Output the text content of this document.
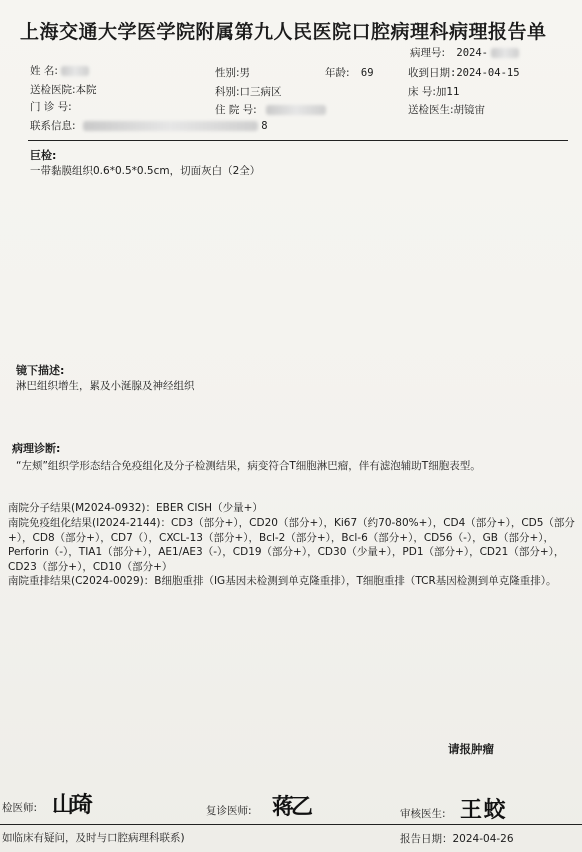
上海交通大学医学院附属第九人民医院口腔病理科病理报告单
病理号: 2024-
姓 名:	性别:男	年龄: 69	收到日期:2024-04-15
送检医院:本院	科别:口三病区	床 号:加11
门 诊 号:	住 院 号:	送检医生:胡镜宙
联系信息:	8
巨检:
一带黏膜组织0.6*0.5*0.5cm，切面灰白（2全）
镜下描述:
淋巴组织增生，累及小涎腺及神经组织
病理诊断:
“左颊”组织学形态结合免疫组化及分子检测结果，病变符合T细胞淋巴瘤，伴有滤泡辅助T细胞表型。
南院分子结果(M2024-0932)：EBER CISH（少量+）
南院免疫组化结果(I2024-2144)：CD3（部分+），CD20（部分+），Ki67（约70-80%+），CD4（部分+），CD5（部分+），CD8（部分+），CD7（），CXCL-13（部分+），Bcl-2（部分+），Bcl-6（部分+），CD56（-），GB（部分+），Perforin（-），TIA1（部分+），AE1/AE3（-），CD19（部分+），CD30（少量+），PD1（部分+），CD21（部分+），CD23（部分+），CD10（部分+）
南院重排结果(C2024-0029)：B细胞重排（IG基因未检测到单克隆重排），T细胞重排（TCR基因检测到单克隆重排）。
请报肿瘤
检医师: 山琦	复诊医师: 蒋乙	审核医生: 王 蛟
如临床有疑问，及时与口腔病理科联系)	报告日期：2024-04-26
